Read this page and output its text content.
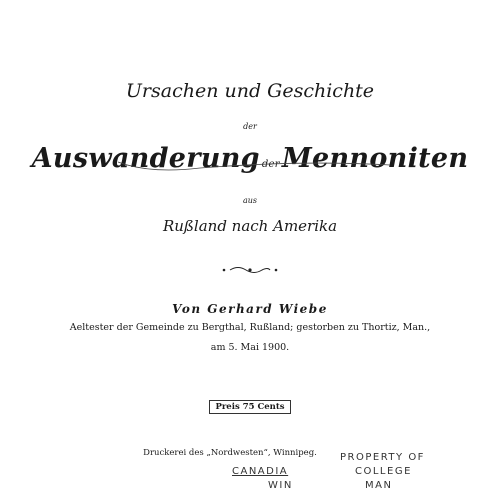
Ursachen und Geschichte
der
Auswanderung derMennoniten
aus
Rußland nach Amerika
Von Gerhard Wiebe
Aeltester der Gemeinde zu Bergthal, Rußland; gestorben zu Thortiz, Man.,
am 5. Mai 1900.
Preis 75 Cents
Druckerei des „Nordwesten“, Winnipeg.	PROPERTY OF
CANADIA	COLLEGE
WIN	MAN
